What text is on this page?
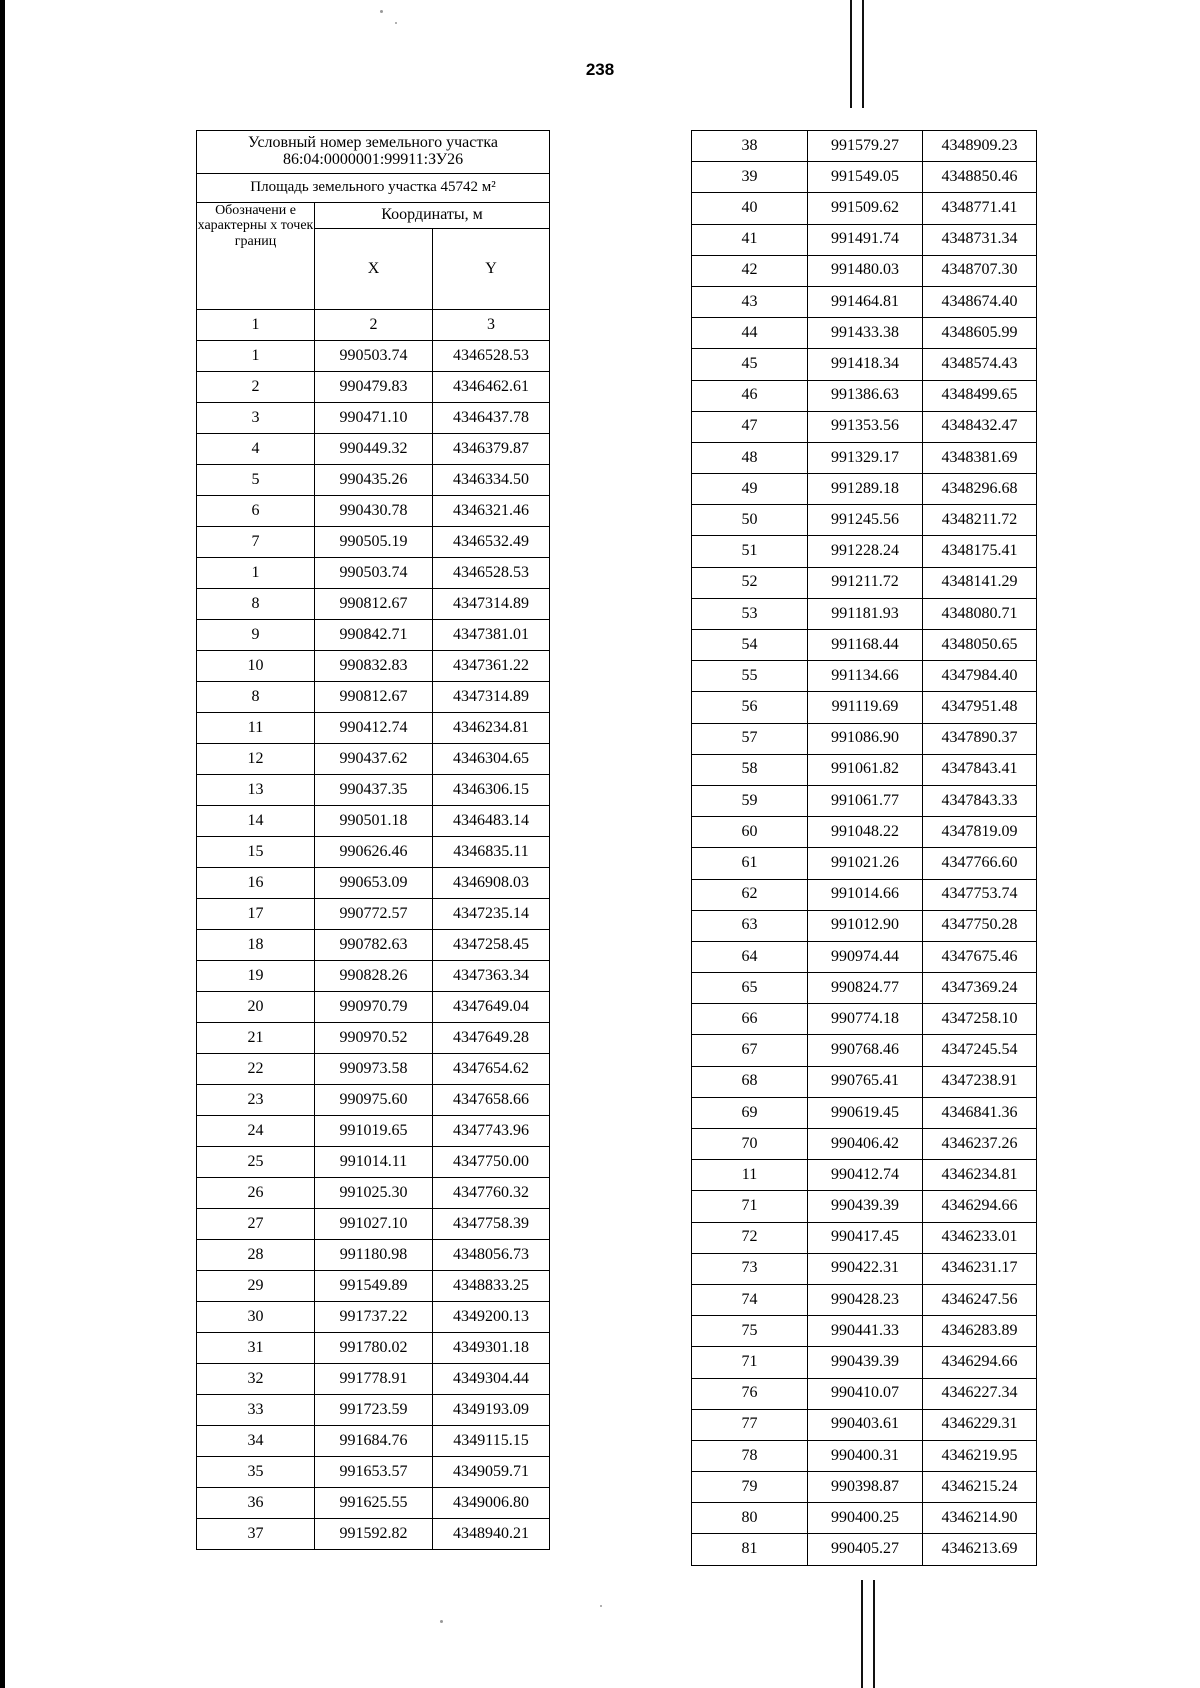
238
Условный номер земельного участка
86:04:0000001:99911:ЗУ26		

Площадь земельного участка 45742 м²		
Обозначени е характерны х точек границ	Координаты, м	
	X	Y
1	2	3
1	990503.74	4346528.53
2	990479.83	4346462.61
3	990471.10	4346437.78
4	990449.32	4346379.87
5	990435.26	4346334.50
6	990430.78	4346321.46
7	990505.19	4346532.49
1	990503.74	4346528.53
8	990812.67	4347314.89
9	990842.71	4347381.01
10	990832.83	4347361.22
8	990812.67	4347314.89
11	990412.74	4346234.81
12	990437.62	4346304.65
13	990437.35	4346306.15
14	990501.18	4346483.14
15	990626.46	4346835.11
16	990653.09	4346908.03
17	990772.57	4347235.14
18	990782.63	4347258.45
19	990828.26	4347363.34
20	990970.79	4347649.04
21	990970.52	4347649.28
22	990973.58	4347654.62
23	990975.60	4347658.66
24	991019.65	4347743.96
25	991014.11	4347750.00
26	991025.30	4347760.32
27	991027.10	4347758.39
28	991180.98	4348056.73
29	991549.89	4348833.25
30	991737.22	4349200.13
31	991780.02	4349301.18
32	991778.91	4349304.44
33	991723.59	4349193.09
34	991684.76	4349115.15
35	991653.57	4349059.71
36	991625.55	4349006.80
37	991592.82	4348940.21
38	991579.27	4348909.23
39	991549.05	4348850.46
40	991509.62	4348771.41
41	991491.74	4348731.34
42	991480.03	4348707.30
43	991464.81	4348674.40
44	991433.38	4348605.99
45	991418.34	4348574.43
46	991386.63	4348499.65
47	991353.56	4348432.47
48	991329.17	4348381.69
49	991289.18	4348296.68
50	991245.56	4348211.72
51	991228.24	4348175.41
52	991211.72	4348141.29
53	991181.93	4348080.71
54	991168.44	4348050.65
55	991134.66	4347984.40
56	991119.69	4347951.48
57	991086.90	4347890.37
58	991061.82	4347843.41
59	991061.77	4347843.33
60	991048.22	4347819.09
61	991021.26	4347766.60
62	991014.66	4347753.74
63	991012.90	4347750.28
64	990974.44	4347675.46
65	990824.77	4347369.24
66	990774.18	4347258.10
67	990768.46	4347245.54
68	990765.41	4347238.91
69	990619.45	4346841.36
70	990406.42	4346237.26
11	990412.74	4346234.81
71	990439.39	4346294.66
72	990417.45	4346233.01
73	990422.31	4346231.17
74	990428.23	4346247.56
75	990441.33	4346283.89
71	990439.39	4346294.66
76	990410.07	4346227.34
77	990403.61	4346229.31
78	990400.31	4346219.95
79	990398.87	4346215.24
80	990400.25	4346214.90
81	990405.27	4346213.69
